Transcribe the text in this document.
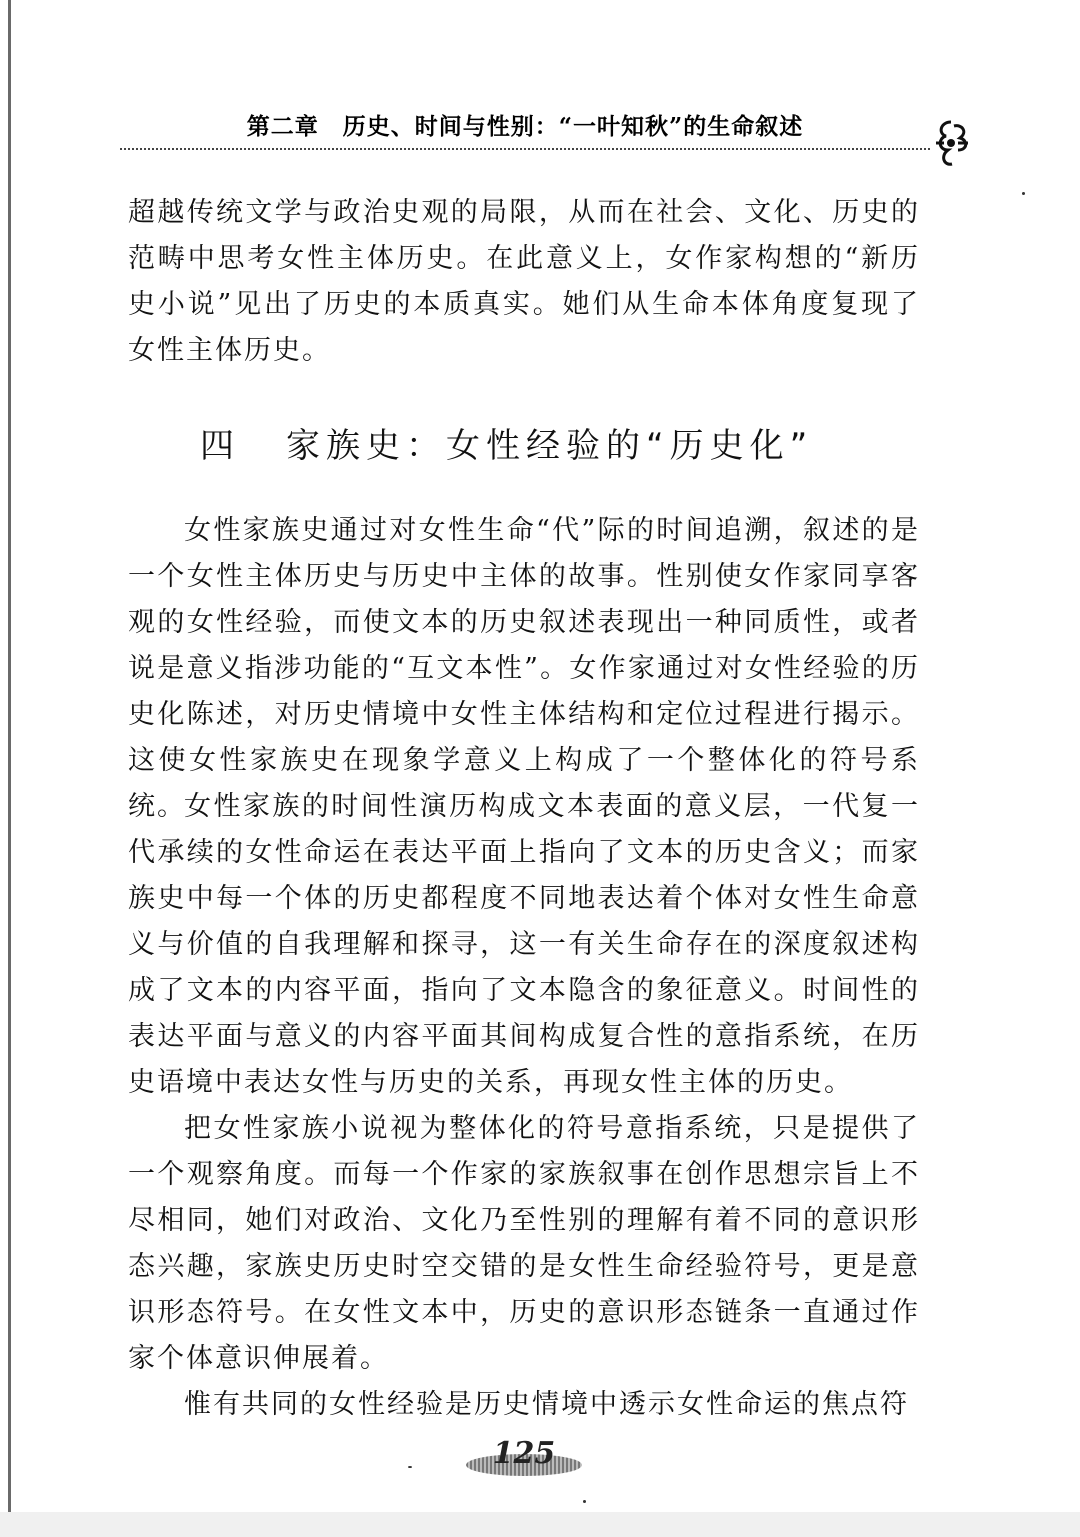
第二章　历史、时间与性别：“一叶知秋”的生命叙述

超越传统文学与政治史观的局限，从而在社会、文化、历史的范畴中思考女性主体历史。在此意义上，女作家构想的“新历史小说”见出了历史的本质真实。她们从生命本体角度复现了女性主体历史。

四 家族史：女性经验的“历史化”

女性家族史通过对女性生命“代”际的时间追溯，叙述的是一个女性主体历史与历史中主体的故事。性别使女作家同享客观的女性经验，而使文本的历史叙述表现出一种同质性，或者说是意义指涉功能的“互文本性”。女作家通过对女性经验的历史化陈述，对历史情境中女性主体结构和定位过程进行揭示。这使女性家族史在现象学意义上构成了一个整体化的符号系统。

女性家族的时间性演历构成文本表面的意义层，一代复一代承续的女性命运在表达平面上指向了文本的历史含义；而家族史中每一个体的历史都程度不同地表达着个体对女性生命意义与价值的自我理解和探寻，这一有关生命存在的深度叙述构成了文本的内容平面，指向了文本隐含的象征意义。时间性的表达平面与意义的内容平面其间构成复合性的意指系统，在历史语境中表达女性与历史的关系，再现女性主体的历史。

把女性家族小说视为整体化的符号意指系统，只是提供了一个观察角度。而每一个作家的家族叙事在创作思想宗旨上不尽相同，她们对政治、文化乃至性别的理解有着不同的意识形态兴趣，家族史历史时空交错的是女性生命经验符号，更是意识形态符号。在女性文本中，历史的意识形态链条一直通过作家个体意识伸展着。

惟有共同的女性经验是历史情境中透示女性命运的焦点符

125
